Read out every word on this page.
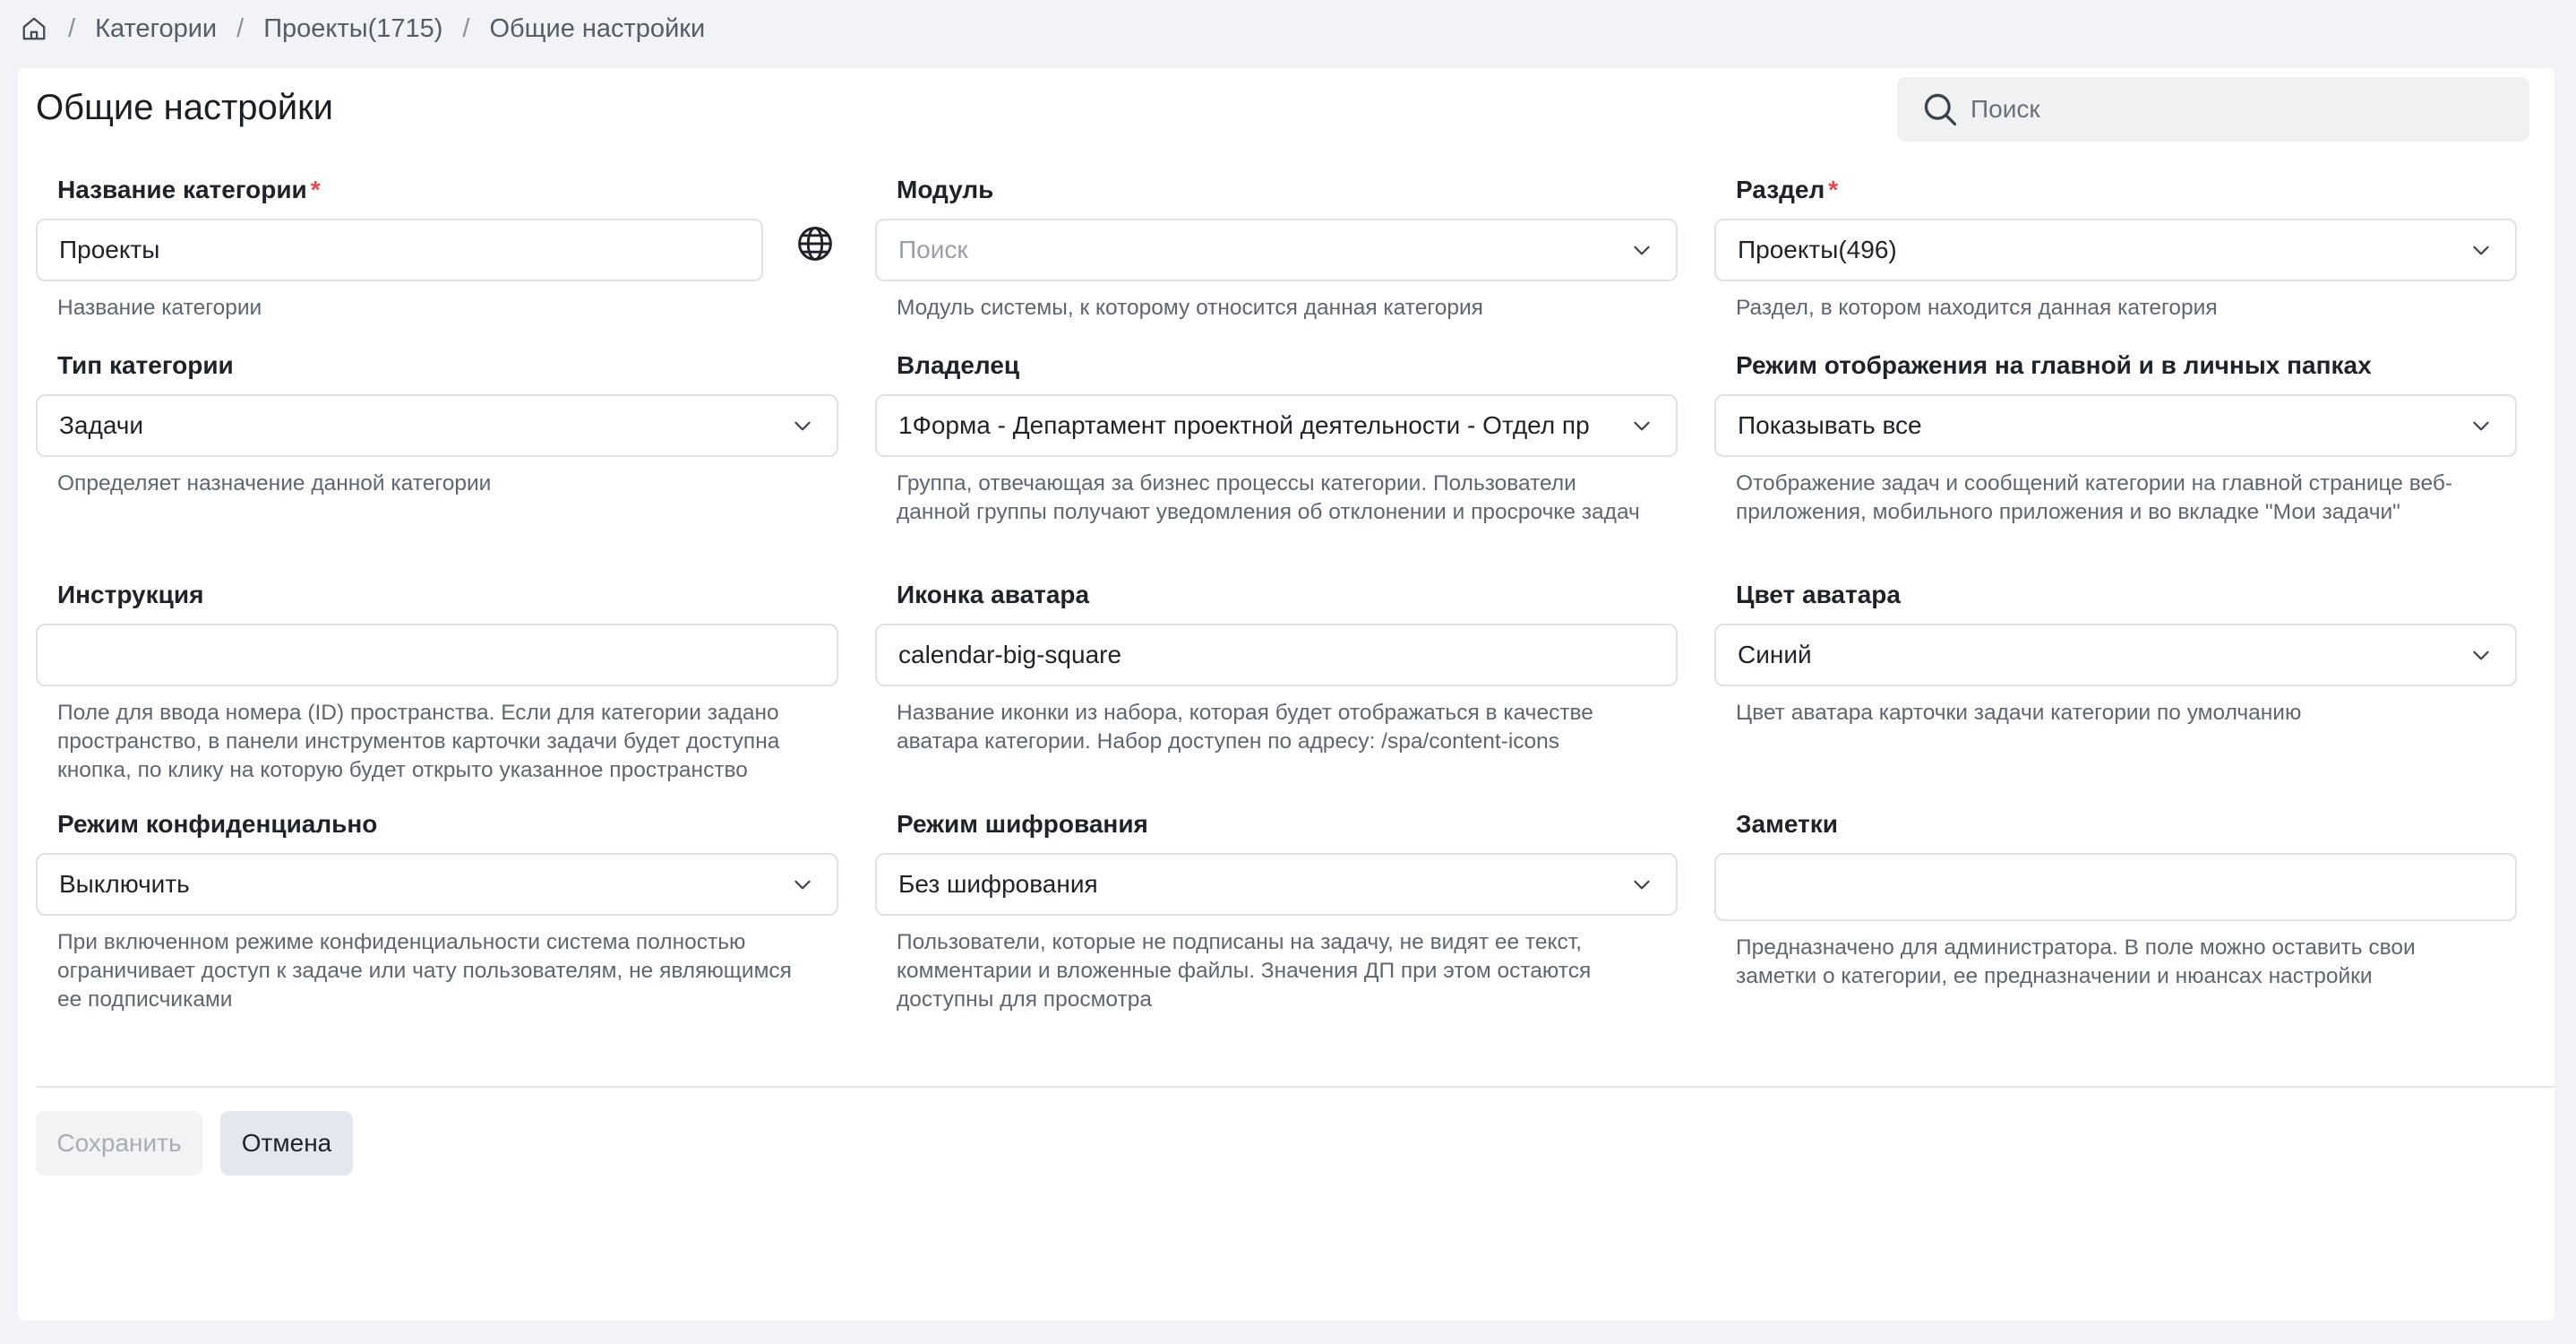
/ Категории / Проекты(1715) / Общие настройки
Общие настройки
Поиск
Название категории *
Проекты
Название категории
Модуль
Поиск
Модуль системы, к которому относится данная категория
Раздел *
Проекты(496)
Раздел, в котором находится данная категория
Тип категории
Задачи
Определяет назначение данной категории
Владелец
1Форма - Департамент проектной деятельности - Отдел пр
Группа, отвечающая за бизнес процессы категории. Пользователи данной группы получают уведомления об отклонении и просрочке задач
Режим отображения на главной и в личных папках
Показывать все
Отображение задач и сообщений категории на главной странице веб-приложения, мобильного приложения и во вкладке "Мои задачи"
Инструкция
Поле для ввода номера (ID) пространства. Если для категории задано пространство, в панели инструментов карточки задачи будет доступна кнопка, по клику на которую будет открыто указанное пространство
Иконка аватара
calendar-big-square
Название иконки из набора, которая будет отображаться в качестве аватара категории. Набор доступен по адресу: /spa/content-icons
Цвет аватара
Синий
Цвет аватара карточки задачи категории по умолчанию
Режим конфиденциально
Выключить
При включенном режиме конфиденциальности система полностью ограничивает доступ к задаче или чату пользователям, не являющимся ее подписчиками
Режим шифрования
Без шифрования
Пользователи, которые не подписаны на задачу, не видят ее текст, комментарии и вложенные файлы. Значения ДП при этом остаются доступны для просмотра
Заметки
Предназначено для администратора. В поле можно оставить свои заметки о категории, ее предназначении и нюансах настройки
Сохранить	Отмена
